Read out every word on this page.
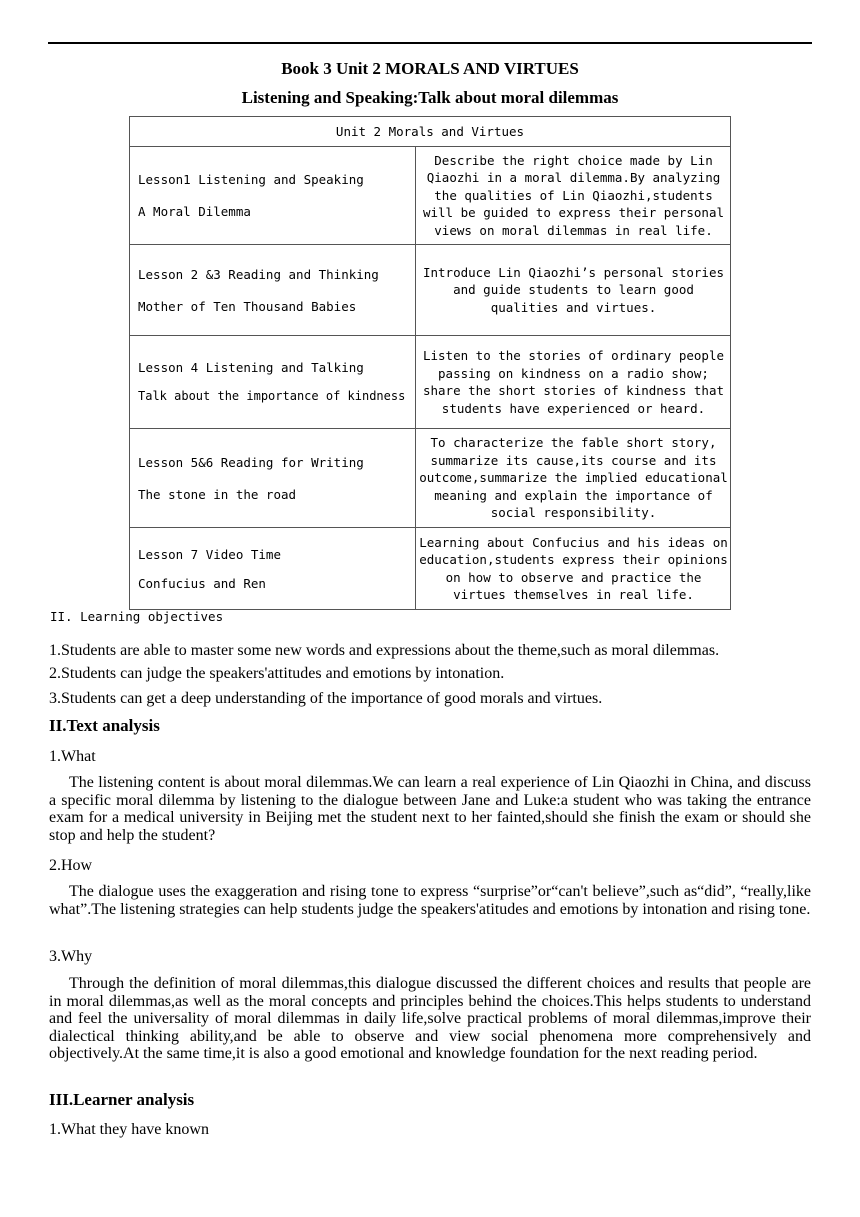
Book 3 Unit 2 MORALS AND VIRTUES
Listening and Speaking:Talk about moral dilemmas
Unit 2 Morals and Virtues	

Lesson1 Listening and Speaking
A Moral Dilemma	Describe the right choice made by Lin Qiaozhi in a moral dilemma.By analyzing the qualities of Lin Qiaozhi,students will be guided to express their personal views on moral dilemmas in real life.

Lesson 2 &3 Reading and Thinking
Mother of Ten Thousand Babies	Introduce Lin Qiaozhi’s personal stories and guide students to learn good qualities and virtues.

Lesson 4 Listening and Talking
Talk about the importance of kindness	Listen to the stories of ordinary people passing on kindness on a radio show; share the short stories of kindness that students have experienced or heard.

Lesson 5&6 Reading for Writing
The stone in the road	To characterize the fable short story, summarize its cause,its course and its outcome,summarize the implied educational meaning and explain the importance of social responsibility.

Lesson 7 Video Time
Confucius and Ren	Learning about Confucius and his ideas on education,students express their opinions on how to observe and practice the virtues themselves in real life.
II. Learning objectives
1.Students are able to master some new words and expressions about the theme,such as moral dilemmas.
2.Students can judge the speakers'attitudes and emotions by intonation.
3.Students can get a deep understanding of the importance of good morals and virtues.
II.Text analysis
1.What
The listening content is about moral dilemmas.We can learn a real experience of Lin Qiaozhi in China, and discuss a specific moral dilemma by listening to the dialogue between Jane and Luke:a student who was taking the entrance exam for a medical university in Beijing met the student next to her fainted,should she finish the exam or should she stop and help the student?
2.How
The dialogue uses the exaggeration and rising tone to express “surprise”or“can't believe”,such as“did”, “really,like what”.The listening strategies can help students judge the speakers'atitudes and emotions by intonation and rising tone.
3.Why
Through the definition of moral dilemmas,this dialogue discussed the different choices and results that people are in moral dilemmas,as well as the moral concepts and principles behind the choices.This helps students to understand and feel the universality of moral dilemmas in daily life,solve practical problems of moral dilemmas,improve their dialectical thinking ability,and be able to observe and view social phenomena more comprehensively and objectively.At the same time,it is also a good emotional and knowledge foundation for the next reading period.
III.Learner analysis
1.What they have known
